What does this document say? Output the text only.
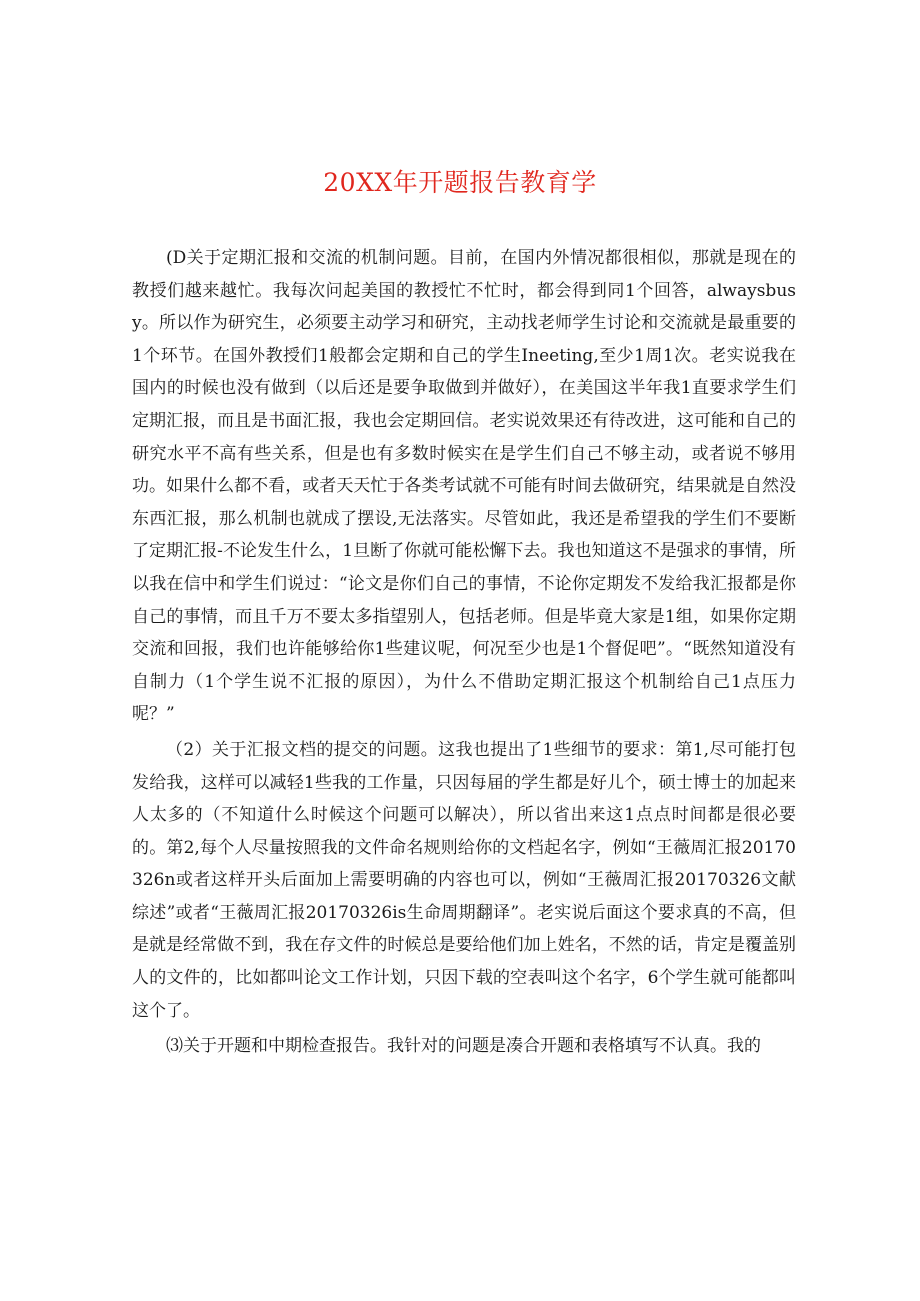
20XX年开题报告教育学

(D关于定期汇报和交流的机制问题。目前，在国内外情况都很相似，那就是现在的教授们越来越忙。我每次问起美国的教授忙不忙时，都会得到同1个回答，alwaysbusy。所以作为研究生，必须要主动学习和研究，主动找老师学生讨论和交流就是最重要的1个环节。在国外教授们1般都会定期和自己的学生Ineeting,至少1周1次。老实说我在国内的时候也没有做到（以后还是要争取做到并做好），在美国这半年我1直要求学生们定期汇报，而且是书面汇报，我也会定期回信。老实说效果还有待改进，这可能和自己的研究水平不高有些关系，但是也有多数时候实在是学生们自己不够主动，或者说不够用功。如果什么都不看，或者天天忙于各类考试就不可能有时间去做研究，结果就是自然没东西汇报，那么机制也就成了摆设,无法落实。尽管如此，我还是希望我的学生们不要断了定期汇报-不论发生什么，1旦断了你就可能松懈下去。我也知道这不是强求的事情，所以我在信中和学生们说过：“论文是你们自己的事情，不论你定期发不发给我汇报都是你自己的事情，而且千万不要太多指望别人，包括老师。但是毕竟大家是1组，如果你定期交流和回报，我们也许能够给你1些建议呢，何况至少也是1个督促吧”。“既然知道没有自制力（1个学生说不汇报的原因），为什么不借助定期汇报这个机制给自己1点压力呢？”

（2）关于汇报文档的提交的问题。这我也提出了1些细节的要求：第1,尽可能打包发给我，这样可以减轻1些我的工作量，只因每届的学生都是好儿个，硕士博士的加起来人太多的（不知道什么时候这个问题可以解决），所以省出来这1点点时间都是很必要的。第2,每个人尽量按照我的文件命名规则给你的文档起名字，例如“王薇周汇报20170326n或者这样开头后面加上需要明确的内容也可以，例如“王薇周汇报20170326文献综述”或者“王薇周汇报20170326is生命周期翻译”。老实说后面这个要求真的不高，但是就是经常做不到，我在存文件的时候总是要给他们加上姓名，不然的话，肯定是覆盖别人的文件的，比如都叫论文工作计划，只因下载的空表叫这个名字，6个学生就可能都叫这个了。

⑶关于开题和中期检查报告。我针对的问题是凑合开题和表格填写不认真。我的
